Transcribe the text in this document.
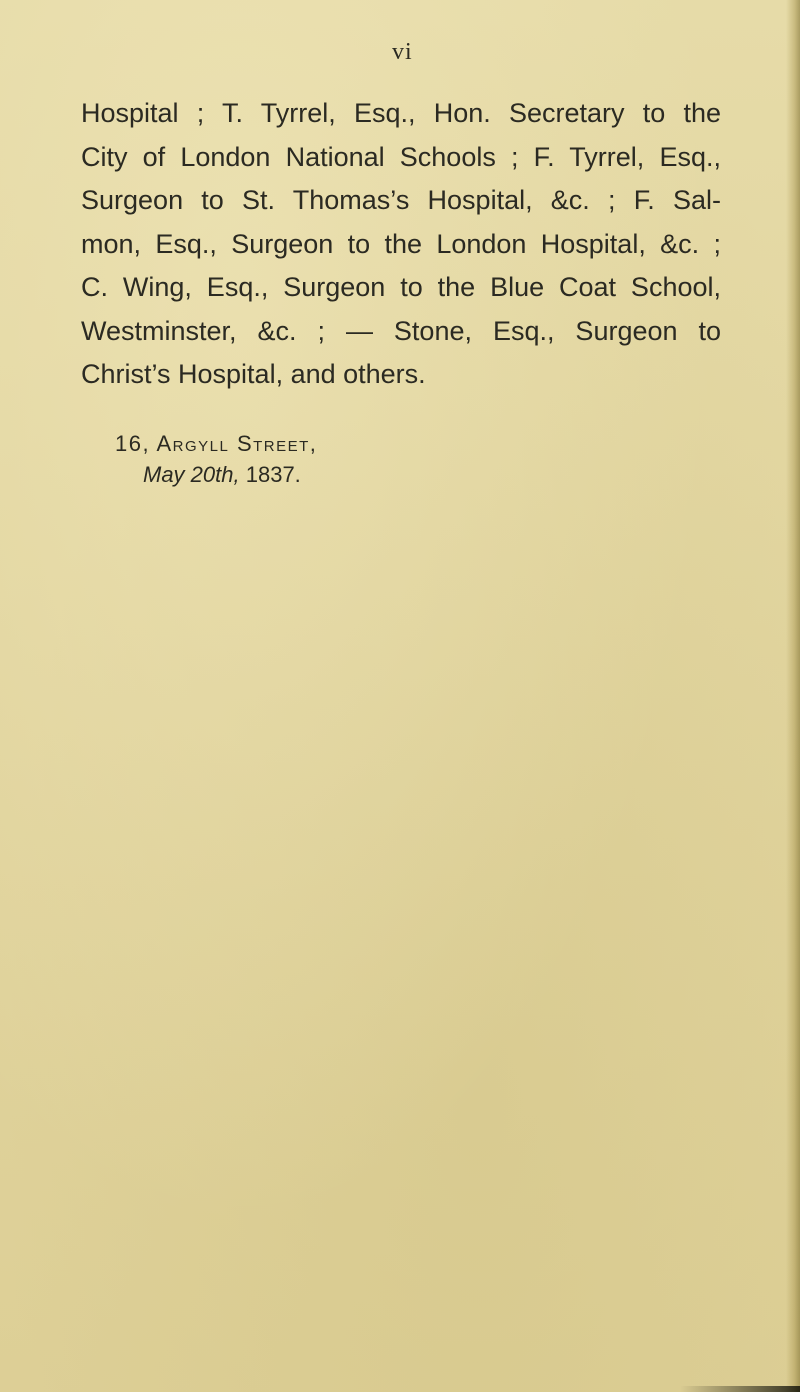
vi
Hospital ; T. Tyrrel, Esq., Hon. Secretary to the
City of London National Schools ; F. Tyrrel, Esq.,
Surgeon to St. Thomas’s Hospital, &c. ; F. Sal-
mon, Esq., Surgeon to the London Hospital, &c. ;
C. Wing, Esq., Surgeon to the Blue Coat School,
Westminster, &c. ; — Stone, Esq., Surgeon to
Christ’s Hospital, and others.
16, Argyll Street,
May 20th, 1837.
